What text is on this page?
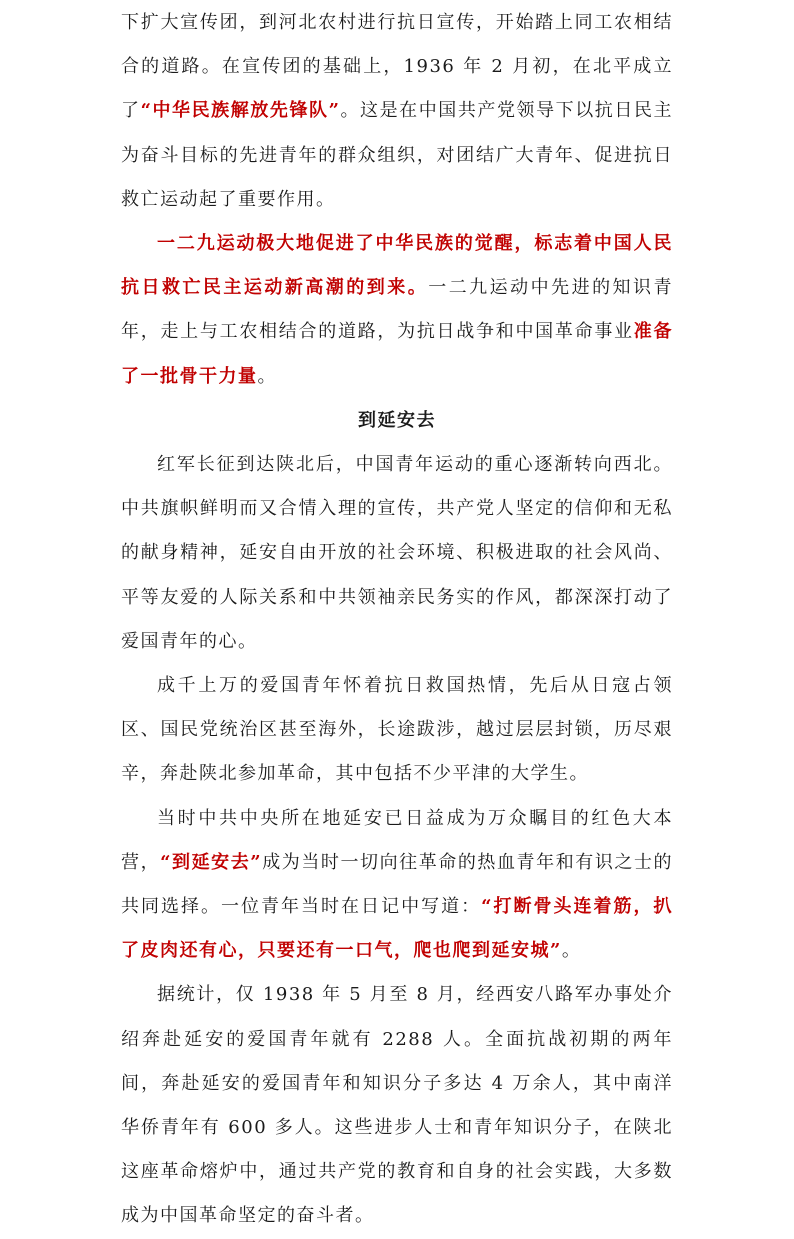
下扩大宣传团，到河北农村进行抗日宣传，开始踏上同工农相结合的道路。在宣传团的基础上，1936 年 2 月初，在北平成立了“中华民族解放先锋队”。这是在中国共产党领导下以抗日民主为奋斗目标的先进青年的群众组织，对团结广大青年、促进抗日救亡运动起了重要作用。

一二九运动极大地促进了中华民族的觉醒，标志着中国人民抗日救亡民主运动新高潮的到来。一二九运动中先进的知识青年，走上与工农相结合的道路，为抗日战争和中国革命事业准备了一批骨干力量。

到延安去

红军长征到达陕北后，中国青年运动的重心逐渐转向西北。中共旗帜鲜明而又合情入理的宣传，共产党人坚定的信仰和无私的献身精神，延安自由开放的社会环境、积极进取的社会风尚、平等友爱的人际关系和中共领袖亲民务实的作风，都深深打动了爱国青年的心。

成千上万的爱国青年怀着抗日救国热情，先后从日寇占领区、国民党统治区甚至海外，长途跋涉，越过层层封锁，历尽艰辛，奔赴陕北参加革命，其中包括不少平津的大学生。

当时中共中央所在地延安已日益成为万众瞩目的红色大本营，“到延安去”成为当时一切向往革命的热血青年和有识之士的共同选择。一位青年当时在日记中写道：“打断骨头连着筋，扒了皮肉还有心，只要还有一口气，爬也爬到延安城”。

据统计，仅 1938 年 5 月至 8 月，经西安八路军办事处介绍奔赴延安的爱国青年就有 2288 人。全面抗战初期的两年间，奔赴延安的爱国青年和知识分子多达 4 万余人，其中南洋华侨青年有 600 多人。这些进步人士和青年知识分子，在陕北这座革命熔炉中，通过共产党的教育和自身的社会实践，大多数成为中国革命坚定的奋斗者。
